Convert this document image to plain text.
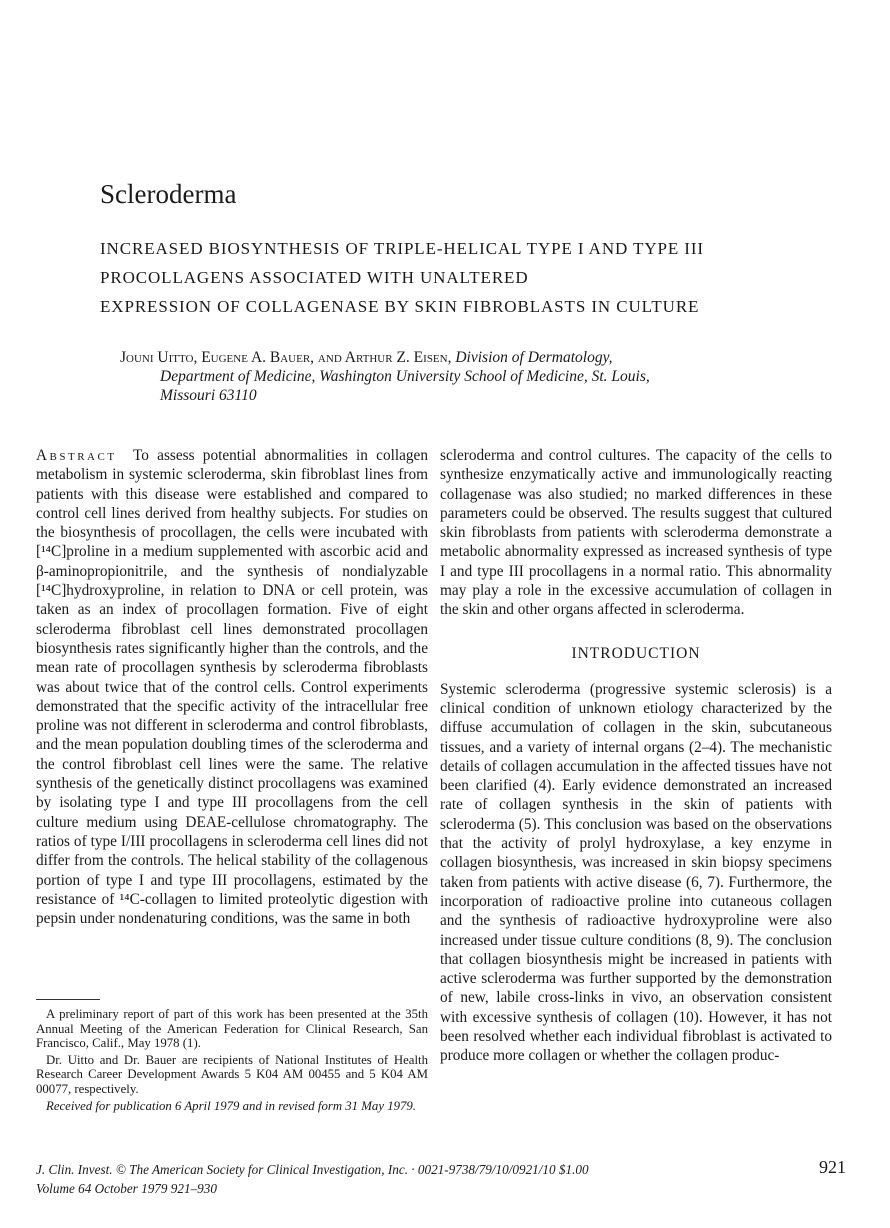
Scleroderma
INCREASED BIOSYNTHESIS OF TRIPLE-HELICAL TYPE I AND TYPE III
PROCOLLAGENS ASSOCIATED WITH UNALTERED
EXPRESSION OF COLLAGENASE BY SKIN FIBROBLASTS IN CULTURE
Jouni Uitto, Eugene A. Bauer, and Arthur Z. Eisen, Division of Dermatology,
Department of Medicine, Washington University School of Medicine, St. Louis,
Missouri 63110

Abstract To assess potential abnormalities in collagen metabolism in systemic scleroderma, skin fibroblast lines from patients with this disease were established and compared to control cell lines derived from healthy subjects. For studies on the biosynthesis of procollagen, the cells were incubated with [¹⁴C]proline in a medium supplemented with ascorbic acid and β-aminopropionitrile, and the synthesis of nondialyzable [¹⁴C]hydroxyproline, in relation to DNA or cell protein, was taken as an index of procollagen formation. Five of eight scleroderma fibroblast cell lines demonstrated procollagen biosynthesis rates significantly higher than the controls, and the mean rate of procollagen synthesis by scleroderma fibroblasts was about twice that of the control cells. Control experiments demonstrated that the specific activity of the intracellular free proline was not different in scleroderma and control fibroblasts, and the mean population doubling times of the scleroderma and the control fibroblast cell lines were the same. The relative synthesis of the genetically distinct procollagens was examined by isolating type I and type III procollagens from the cell culture medium using DEAE-cellulose chromatography. The ratios of type I/III procollagens in scleroderma cell lines did not differ from the controls. The helical stability of the collagenous portion of type I and type III procollagens, estimated by the resistance of ¹⁴C-collagen to limited proteolytic digestion with pepsin under nondenaturing conditions, was the same in both

scleroderma and control cultures. The capacity of the cells to synthesize enzymatically active and immunologically reacting collagenase was also studied; no marked differences in these parameters could be observed. The results suggest that cultured skin fibroblasts from patients with scleroderma demonstrate a metabolic abnormality expressed as increased synthesis of type I and type III procollagens in a normal ratio. This abnormality may play a role in the excessive accumulation of collagen in the skin and other organs affected in scleroderma.

INTRODUCTION

Systemic scleroderma (progressive systemic sclerosis) is a clinical condition of unknown etiology characterized by the diffuse accumulation of collagen in the skin, subcutaneous tissues, and a variety of internal organs (2–4). The mechanistic details of collagen accumulation in the affected tissues have not been clarified (4). Early evidence demonstrated an increased rate of collagen synthesis in the skin of patients with scleroderma (5). This conclusion was based on the observations that the activity of prolyl hydroxylase, a key enzyme in collagen biosynthesis, was increased in skin biopsy specimens taken from patients with active disease (6, 7). Furthermore, the incorporation of radioactive proline into cutaneous collagen and the synthesis of radioactive hydroxyproline were also increased under tissue culture conditions (8, 9). The conclusion that collagen biosynthesis might be increased in patients with active scleroderma was further supported by the demonstration of new, labile cross-links in vivo, an observation consistent with excessive synthesis of collagen (10). However, it has not been resolved whether each individual fibroblast is activated to produce more collagen or whether the collagen produc-

A preliminary report of part of this work has been presented at the 35th Annual Meeting of the American Federation for Clinical Research, San Francisco, Calif., May 1978 (1).

Dr. Uitto and Dr. Bauer are recipients of National Institutes of Health Research Career Development Awards 5 K04 AM 00455 and 5 K04 AM 00077, respectively.

Received for publication 6 April 1979 and in revised form 31 May 1979.

J. Clin. Invest. © The American Society for Clinical Investigation, Inc. · 0021-9738/79/10/0921/10 $1.00	921
Volume 64 October 1979 921–930
